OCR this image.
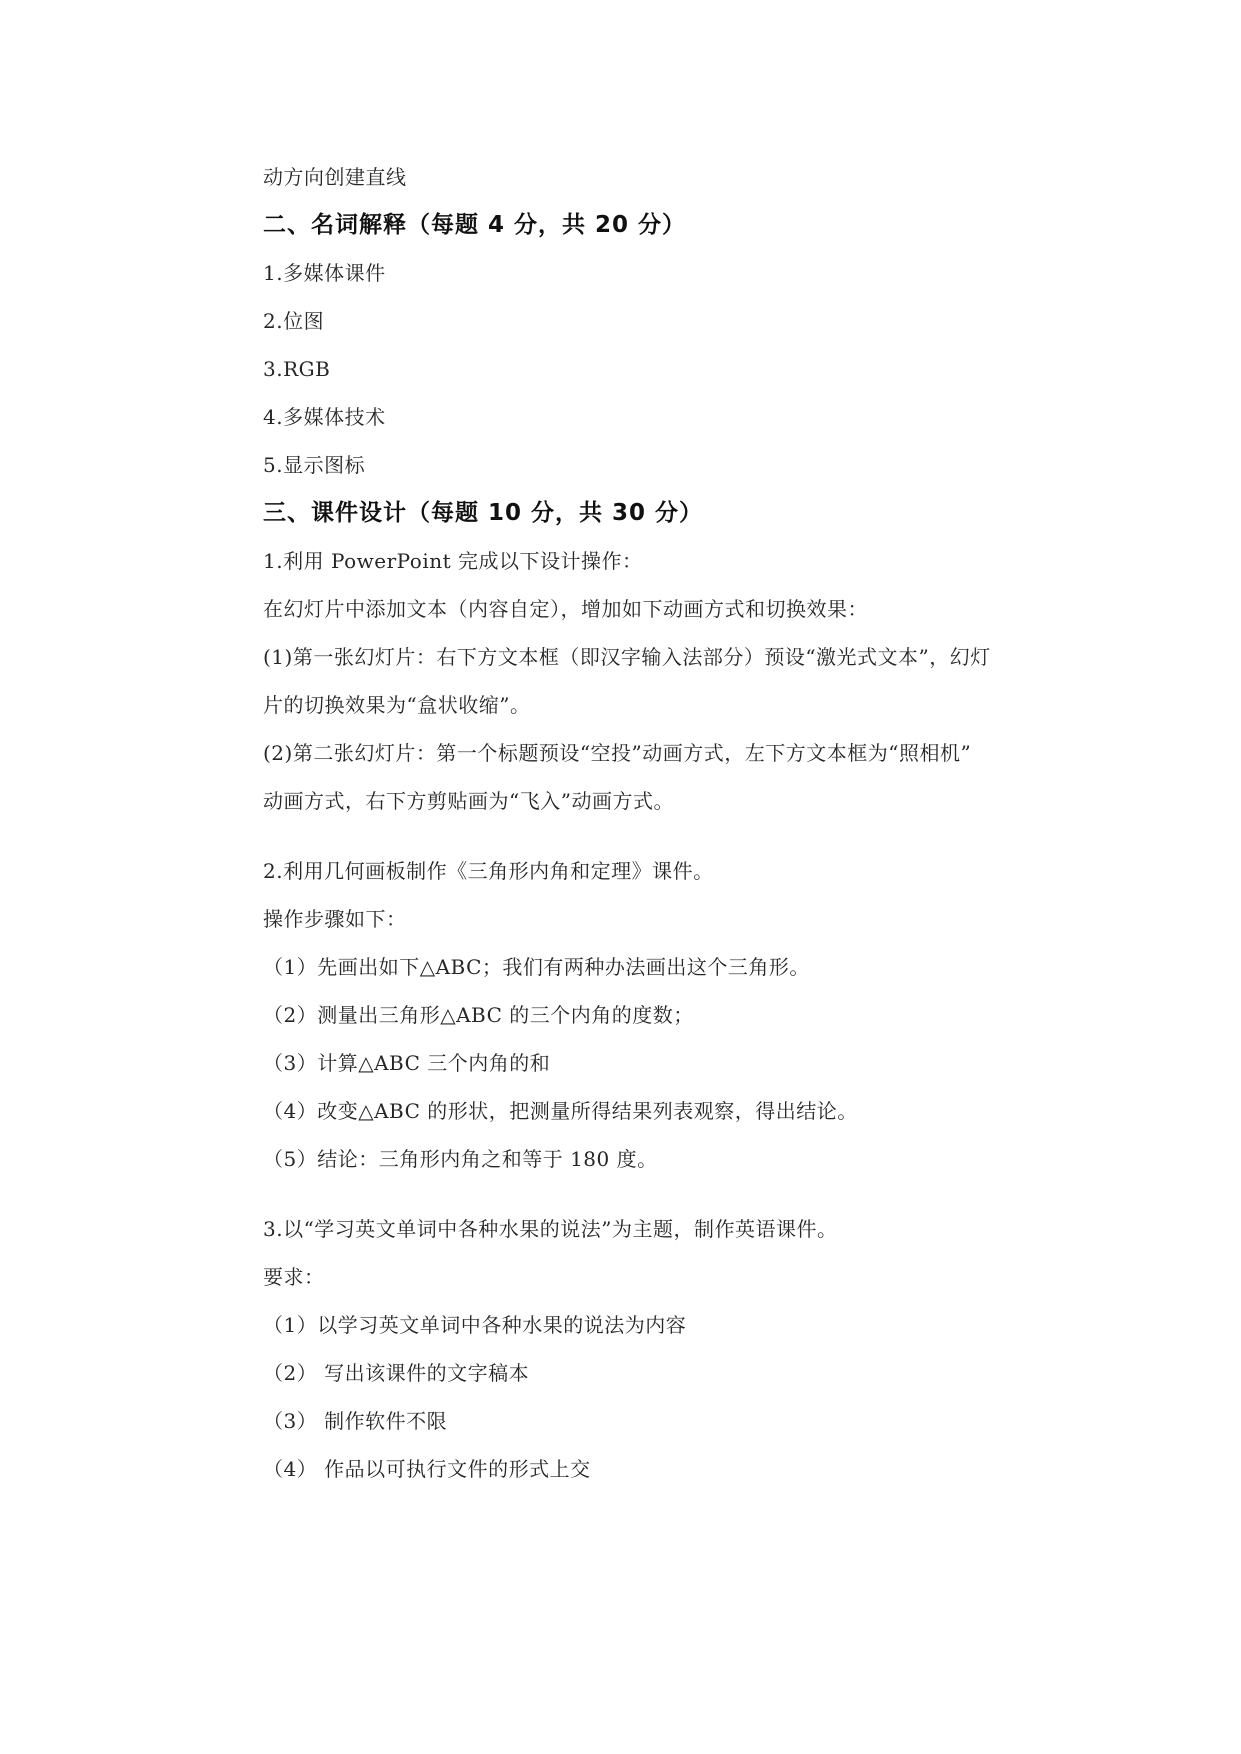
动方向创建直线
二、名词解释（每题 4 分，共 20 分）
1.多媒体课件
2.位图
3.RGB
4.多媒体技术
5.显示图标
三、课件设计（每题 10 分，共 30 分）
1.利用 PowerPoint 完成以下设计操作：
在幻灯片中添加文本（内容自定），增加如下动画方式和切换效果：
(1)第一张幻灯片：右下方文本框（即汉字输入法部分）预设“激光式文本”，幻灯
片的切换效果为“盒状收缩”。
(2)第二张幻灯片：第一个标题预设“空投”动画方式，左下方文本框为“照相机”
动画方式，右下方剪贴画为“飞入”动画方式。
2.利用几何画板制作《三角形内角和定理》课件。
操作步骤如下：
（1）先画出如下△ABC；我们有两种办法画出这个三角形。
（2）测量出三角形△ABC 的三个内角的度数；
（3）计算△ABC 三个内角的和
（4）改变△ABC 的形状，把测量所得结果列表观察，得出结论。
（5）结论：三角形内角之和等于 180 度。
3.以“学习英文单词中各种水果的说法”为主题，制作英语课件。
要求：
（1）以学习英文单词中各种水果的说法为内容
（2） 写出该课件的文字稿本
（3） 制作软件不限
（4） 作品以可执行文件的形式上交
